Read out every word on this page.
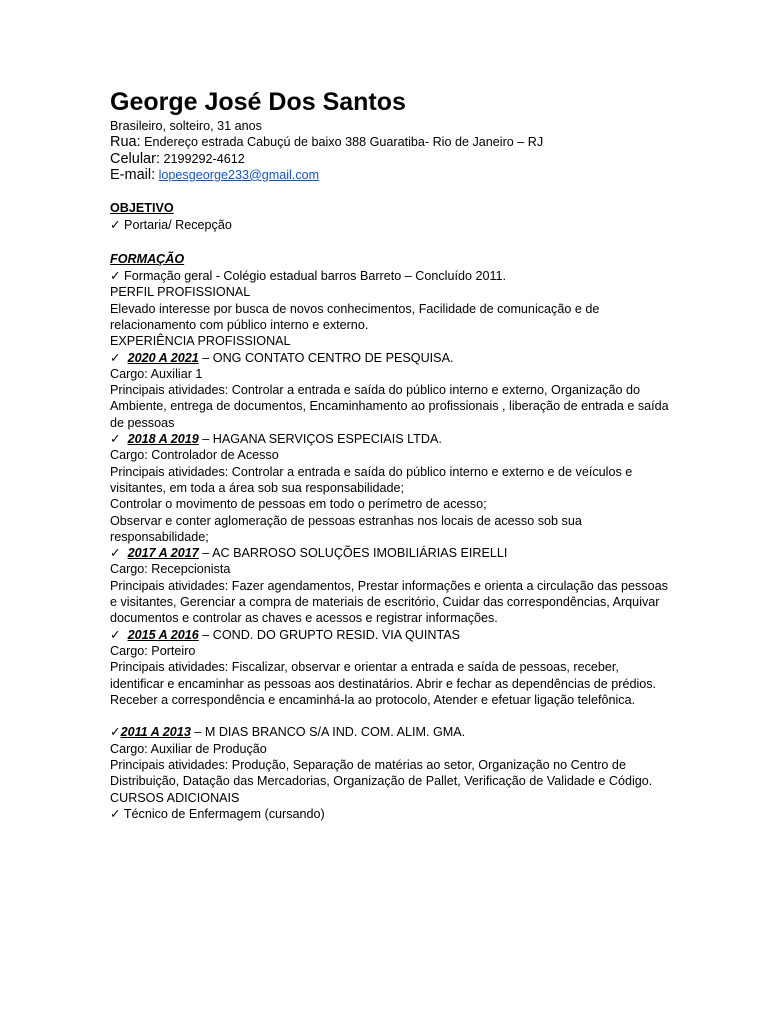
George José Dos Santos
Brasileiro, solteiro, 31 anos
Rua: Endereço estrada Cabuçú de baixo 388 Guaratiba- Rio de Janeiro – RJ
Celular: 2199292-4612
E-mail: lopesgeorge233@gmail.com
OBJETIVO
✓ Portaria/ Recepção
FORMAÇÃO
✓ Formação geral - Colégio estadual barros Barreto – Concluído 2011.
PERFIL PROFISSIONAL
Elevado interesse por busca de novos conhecimentos, Facilidade de comunicação e de relacionamento com público interno e externo.
EXPERIÊNCIA PROFISSIONAL
✓  2020 A 2021 – ONG CONTATO CENTRO DE PESQUISA.
Cargo: Auxiliar 1
Principais atividades: Controlar a entrada e saída do público interno e externo, Organização do Ambiente, entrega de documentos, Encaminhamento ao profissionais , liberação de entrada e saída de pessoas
✓  2018 A 2019 – HAGANA SERVIÇOS ESPECIAIS LTDA.
Cargo: Controlador de Acesso
Principais atividades: Controlar a entrada e saída do público interno e externo e de veículos e visitantes, em toda a área sob sua responsabilidade;
Controlar o movimento de pessoas em todo o perímetro de acesso;
Observar e conter aglomeração de pessoas estranhas nos locais de acesso sob sua responsabilidade;
✓  2017 A 2017 – AC BARROSO SOLUÇÕES IMOBILIÁRIAS EIRELLI
Cargo: Recepcionista
Principais atividades: Fazer agendamentos, Prestar informações e orienta a circulação das pessoas e visitantes, Gerenciar a compra de materiais de escritório, Cuidar das correspondências, Arquivar documentos e controlar as chaves e acessos e registrar informações.
✓  2015 A 2016 – COND. DO GRUPTO RESID. VIA QUINTAS
Cargo: Porteiro
Principais atividades: Fiscalizar, observar e orientar a entrada e saída de pessoas, receber, identificar e encaminhar as pessoas aos destinatários. Abrir e fechar as dependências de prédios. Receber a correspondência e encaminhá-la ao protocolo, Atender e efetuar ligação telefônica.
✓2011 A 2013 – M DIAS BRANCO S/A IND. COM. ALIM. GMA.
Cargo: Auxiliar de Produção
Principais atividades: Produção, Separação de matérias ao setor, Organização no Centro de Distribuição, Datação das Mercadorias, Organização de Pallet, Verificação de Validade e Código.
CURSOS ADICIONAIS
✓ Técnico de Enfermagem (cursando)
